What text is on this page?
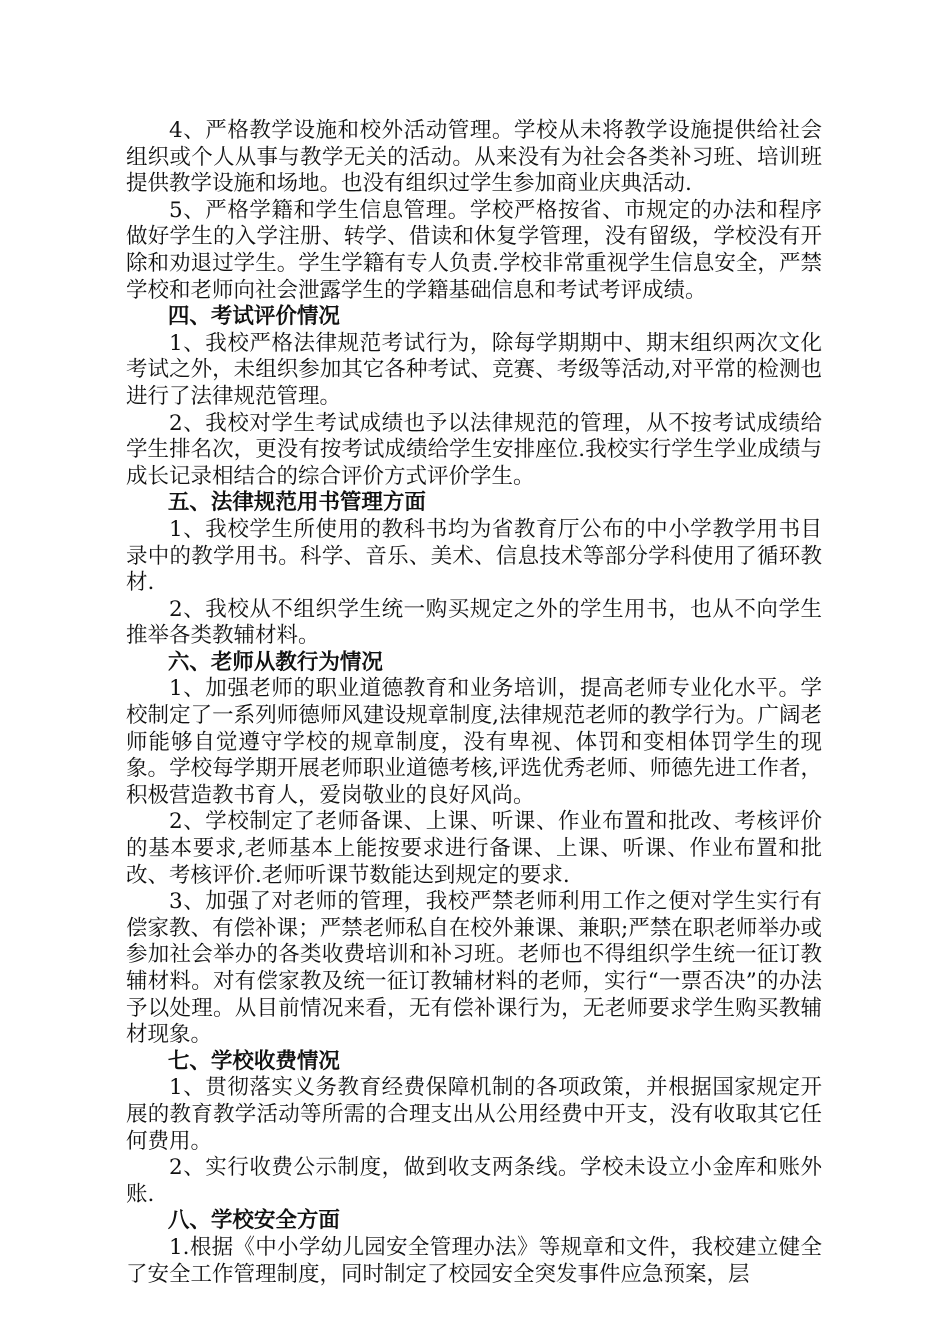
4、严格教学设施和校外活动管理。学校从未将教学设施提供给社会组织或个人从事与教学无关的活动。从来没有为社会各类补习班、培训班提供教学设施和场地。也没有组织过学生参加商业庆典活动.

5、严格学籍和学生信息管理。学校严格按省、市规定的办法和程序做好学生的入学注册、转学、借读和休复学管理，没有留级，学校没有开除和劝退过学生。学生学籍有专人负责.学校非常重视学生信息安全，严禁学校和老师向社会泄露学生的学籍基础信息和考试考评成绩。

四、考试评价情况

1、我校严格法律规范考试行为，除每学期期中、期末组织两次文化考试之外，未组织参加其它各种考试、竞赛、考级等活动,对平常的检测也进行了法律规范管理。

2、我校对学生考试成绩也予以法律规范的管理，从不按考试成绩给学生排名次，更没有按考试成绩给学生安排座位.我校实行学生学业成绩与成长记录相结合的综合评价方式评价学生。

五、法律规范用书管理方面

1、我校学生所使用的教科书均为省教育厅公布的中小学教学用书目录中的教学用书。科学、音乐、美术、信息技术等部分学科使用了循环教材.

2、我校从不组织学生统一购买规定之外的学生用书，也从不向学生推举各类教辅材料。

六、老师从教行为情况

1、加强老师的职业道德教育和业务培训，提高老师专业化水平。学校制定了一系列师德师风建设规章制度,法律规范老师的教学行为。广阔老师能够自觉遵守学校的规章制度，没有卑视、体罚和变相体罚学生的现象。学校每学期开展老师职业道德考核,评选优秀老师、师德先进工作者，积极营造教书育人，爱岗敬业的良好风尚。

2、学校制定了老师备课、上课、听课、作业布置和批改、考核评价的基本要求,老师基本上能按要求进行备课、上课、听课、作业布置和批改、考核评价.老师听课节数能达到规定的要求.

3、加强了对老师的管理，我校严禁老师利用工作之便对学生实行有偿家教、有偿补课；严禁老师私自在校外兼课、兼职;严禁在职老师举办或参加社会举办的各类收费培训和补习班。老师也不得组织学生统一征订教辅材料。对有偿家教及统一征订教辅材料的老师，实行“一票否决”的办法予以处理。从目前情况来看，无有偿补课行为，无老师要求学生购买教辅材现象。

七、学校收费情况

1、贯彻落实义务教育经费保障机制的各项政策，并根据国家规定开展的教育教学活动等所需的合理支出从公用经费中开支，没有收取其它任何费用。

2、实行收费公示制度，做到收支两条线。学校未设立小金库和账外账.

八、学校安全方面

1.根据《中小学幼儿园安全管理办法》等规章和文件，我校建立健全了安全工作管理制度，同时制定了校园安全突发事件应急预案，层
